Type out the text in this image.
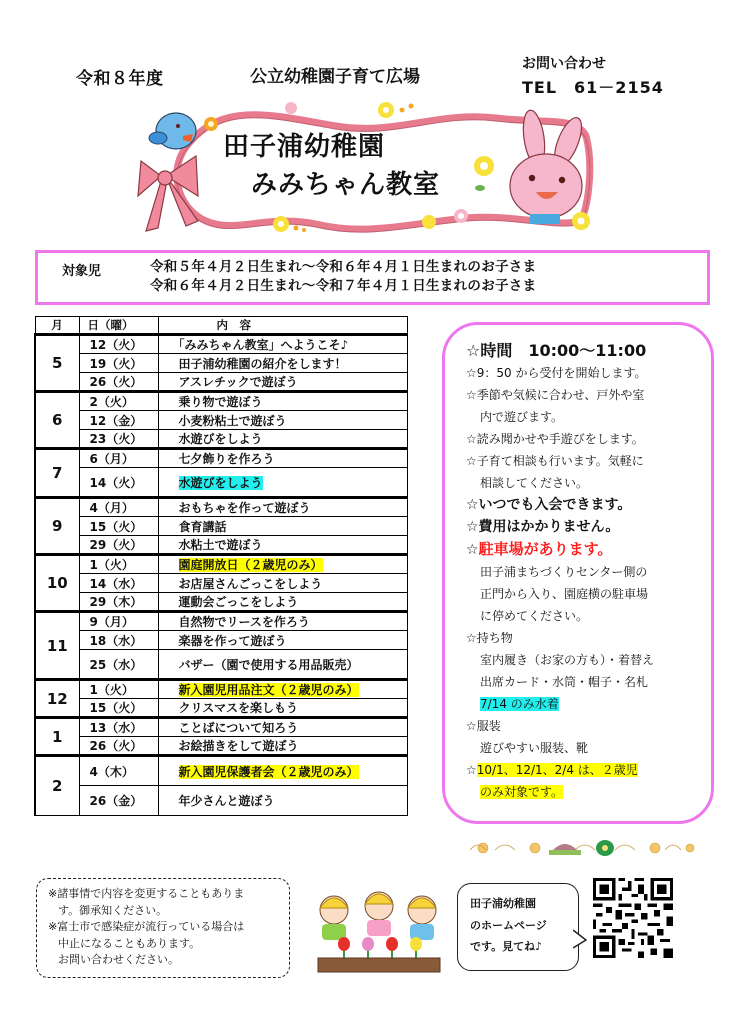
令和８年度	公立幼稚園子育て広場
お問い合わせ
TEL　61－2154
田子浦幼稚園
みみちゃん教室
対象児	令和５年４月２日生まれ～令和６年４月１日生まれのお子さま
令和６年４月２日生まれ～令和７年４月１日生まれのお子さま
月	日（曜）	内　容
5	12（火）	「みみちゃん教室」へようこそ♪
	19（火）	田子浦幼稚園の紹介をします！
	26（火）	アスレチックで遊ぼう
6	2（火）	乗り物で遊ぼう
	12（金）	小麦粉粘土で遊ぼう
	23（火）	水遊びをしよう
7	6（月）	七夕飾りを作ろう
	14（火）	水遊びをしよう
9	4（月）	おもちゃを作って遊ぼう
	15（火）	食育講話
	29（火）	水粘土で遊ぼう
10	1（火）	園庭開放日（２歳児のみ）
	14（水）	お店屋さんごっこをしよう
	29（木）	運動会ごっこをしよう
11	9（月）	自然物でリースを作ろう
	18（水）	楽器を作って遊ぼう
	25（水）	バザー（園で使用する用品販売）
12	1（火）	新入園児用品注文（２歳児のみ）
	15（火）	クリスマスを楽しもう
1	13（水）	ことばについて知ろう
	26（火）	お絵描きをして遊ぼう
2	4（木）	新入園児保護者会（２歳児のみ）
	26（金）	年少さんと遊ぼう
☆時間　10:00～11:00
☆9：50 から受付を開始します。
☆季節や気候に合わせ、戸外や室
内で遊びます。
☆読み聞かせや手遊びをします。
☆子育て相談も行います。気軽に
相談してください。
☆いつでも入会できます。
☆費用はかかりません。
☆駐車場があります。
田子浦まちづくりセンター側の
正門から入り、園庭横の駐車場
に停めてください。
☆持ち物
室内履き（お家の方も）・着替え
出席カード・水筒・帽子・名札
7/14 のみ水着
☆服装
遊びやすい服装、靴
☆10/1、12/1、2/4 は、２歳児
のみ対象です。
※諸事情で内容を変更することもありま
す。御承知ください。
※富士市で感染症が流行っている場合は
中止になることもあります。
お問い合わせください。
田子浦幼稚園
のホームページ
です。見てね♪
